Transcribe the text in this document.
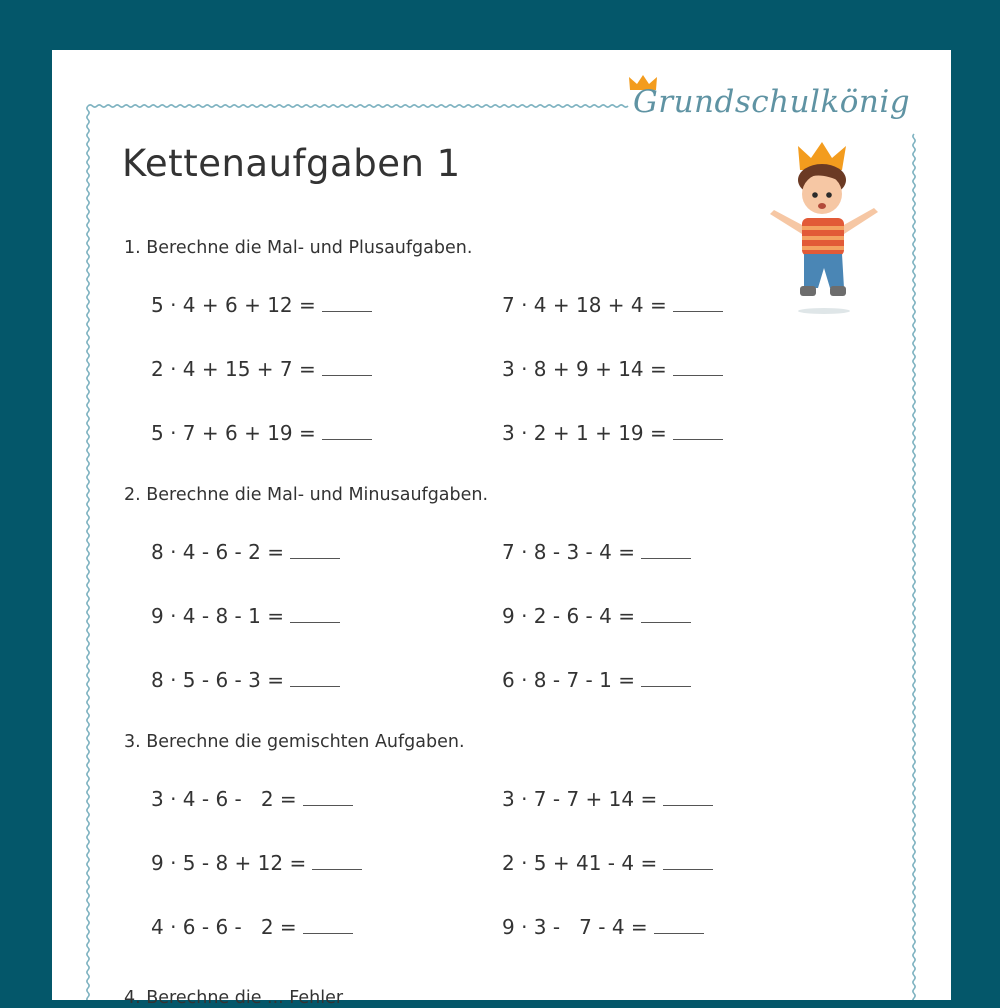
Grundschulkönig
Kettenaufgaben 1
1. Berechne die Mal- und Plusaufgaben.
5 · 4 + 6 + 12 =
2 · 4 + 15 + 7 =
5 · 7 + 6 + 19 =
7 · 4 + 18 + 4 =
3 · 8 + 9 + 14 =
3 · 2 + 1 + 19 =
2. Berechne die Mal- und Minusaufgaben.
8 · 4 - 6 - 2 =
9 · 4 - 8 - 1 =
8 · 5 - 6 - 3 =
7 · 8 - 3 - 4 =
9 · 2 - 6 - 4 =
6 · 8 - 7 - 1 =
3. Berechne die gemischten Aufgaben.
3 · 4 - 6 -   2 =
9 · 5 - 8 + 12 =
4 · 6 - 6 -   2 =
3 · 7 - 7 + 14 =
2 · 5 + 41 - 4 =
9 · 3 -   7 - 4 =
4. Berechne die ... Fehler
